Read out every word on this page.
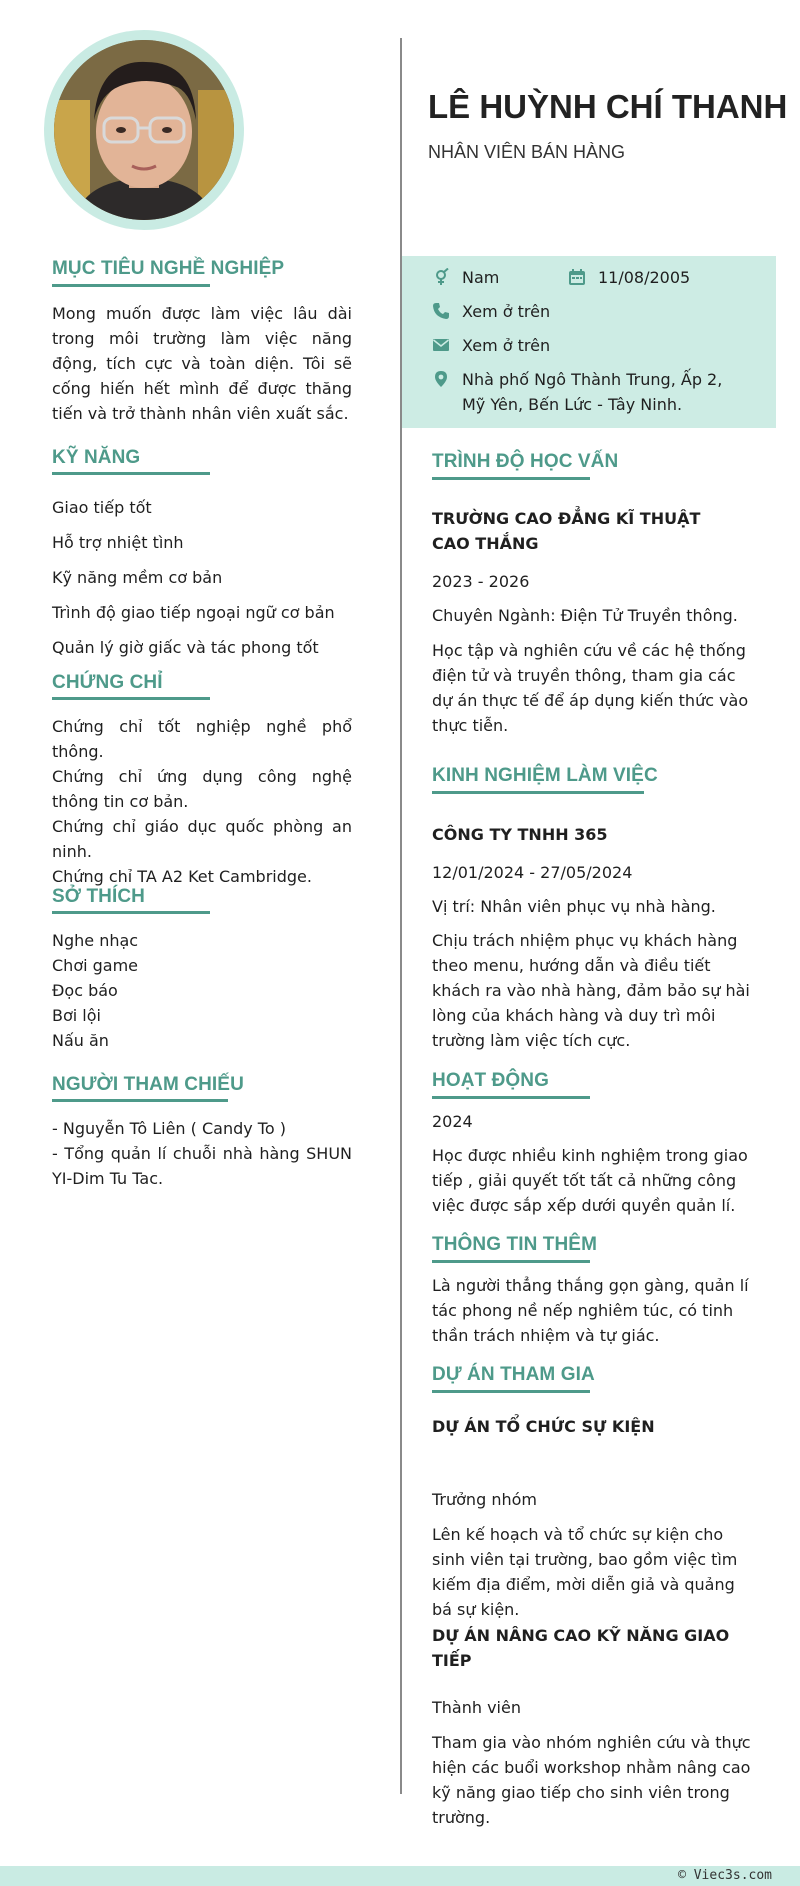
MỤC TIÊU NGHỀ NGHIỆP

Mong muốn được làm việc lâu dài trong môi trường làm việc năng động, tích cực và toàn diện. Tôi sẽ cống hiến hết mình để được thăng tiến và trở thành nhân viên xuất sắc.

KỸ NĂNG
Giao tiếp tốt
Hỗ trợ nhiệt tình
Kỹ năng mềm cơ bản
Trình độ giao tiếp ngoại ngữ cơ bản
Quản lý giờ giấc và tác phong tốt
CHỨNG CHỈ
Chứng chỉ tốt nghiệp nghề phổ thông.
Chứng chỉ ứng dụng công nghệ thông tin cơ bản.
Chứng chỉ giáo dục quốc phòng an ninh.
Chứng chỉ TA A2 Ket Cambridge.
SỞ THÍCH
Nghe nhạc
Chơi game
Đọc báo
Bơi lội
Nấu ăn
NGƯỜI THAM CHIẾU
- Nguyễn Tô Liên ( Candy To )
- Tổng quản lí chuỗi nhà hàng SHUN YI-Dim Tu Tac.
LÊ HUỲNH CHÍ THANH
NHÂN VIÊN BÁN HÀNG
Nam	11/08/2005
Xem ở trên
Xem ở trên
Nhà phố Ngô Thành Trung, Ấp 2, Mỹ Yên, Bến Lức - Tây Ninh.
TRÌNH ĐỘ HỌC VẤN

TRƯỜNG CAO ĐẲNG KĨ THUẬT CAO THẮNG

2023 - 2026

Chuyên Ngành: Điện Tử Truyền thông.

Học tập và nghiên cứu về các hệ thống điện tử và truyền thông, tham gia các dự án thực tế để áp dụng kiến thức vào thực tiễn.

KINH NGHIỆM LÀM VIỆC

CÔNG TY TNHH 365

12/01/2024 - 27/05/2024

Vị trí: Nhân viên phục vụ nhà hàng.

Chịu trách nhiệm phục vụ khách hàng theo menu, hướng dẫn và điều tiết khách ra vào nhà hàng, đảm bảo sự hài lòng của khách hàng và duy trì môi trường làm việc tích cực.

HOẠT ĐỘNG

2024

Học được nhiều kinh nghiệm trong giao tiếp , giải quyết tốt tất cả những công việc được sắp xếp dưới quyền quản lí.

THÔNG TIN THÊM

Là người thẳng thắng gọn gàng, quản lí tác phong nề nếp nghiêm túc, có tinh thần trách nhiệm và tự giác.

DỰ ÁN THAM GIA

DỰ ÁN TỔ CHỨC SỰ KIỆN

Trưởng nhóm

Lên kế hoạch và tổ chức sự kiện cho sinh viên tại trường, bao gồm việc tìm kiếm địa điểm, mời diễn giả và quảng bá sự kiện.

DỰ ÁN NÂNG CAO KỸ NĂNG GIAO TIẾP

Thành viên

Tham gia vào nhóm nghiên cứu và thực hiện các buổi workshop nhằm nâng cao kỹ năng giao tiếp cho sinh viên trong trường.

© Viec3s.com
